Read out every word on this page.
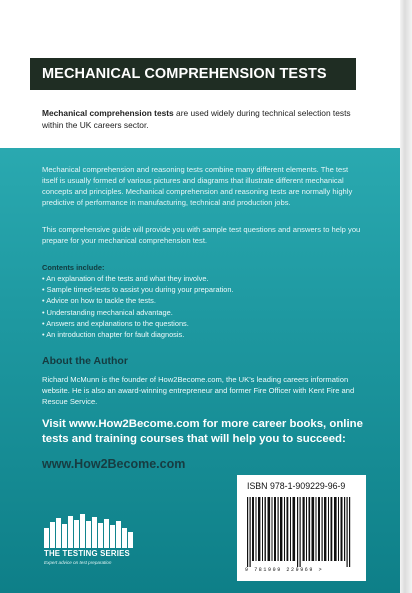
MECHANICAL COMPREHENSION TESTS
Mechanical comprehension tests are used widely during technical selection tests within the UK careers sector.
Mechanical comprehension and reasoning tests combine many different elements. The test itself is usually formed of various pictures and diagrams that illustrate different mechanical concepts and principles. Mechanical comprehension and reasoning tests are normally highly predictive of performance in manufacturing, technical and production jobs.
This comprehensive guide will provide you with sample test questions and answers to help you prepare for your mechanical comprehension test.
Contents include:
• An explanation of the tests and what they involve.
• Sample timed-tests to assist you during your preparation.
• Advice on how to tackle the tests.
• Understanding mechanical advantage.
• Answers and explanations to the questions.
• An introduction chapter for fault diagnosis.
About the Author
Richard McMunn is the founder of How2Become.com, the UK's leading careers information website. He is also an award-winning entrepreneur and former Fire Officer with Kent Fire and Rescue Service.
Visit www.How2Become.com for more career books, online tests and training courses that will help you to succeed:
www.How2Become.com
ISBN 978-1-909229-96-9
9 781909 229969 >
THE TESTING SERIES
Expert advice on test preparation
